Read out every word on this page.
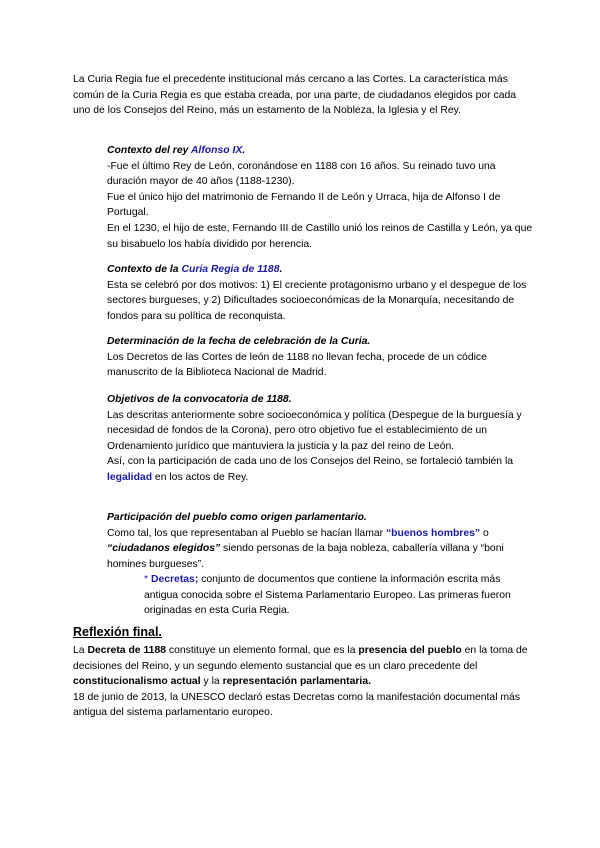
La Curia Regia fue el precedente institucional más cercano a las Cortes. La característica más común de la Curia Regia es que estaba creada, por una parte, de ciudadanos elegidos por cada uno de los Consejos del Reino, más un estamento de la Nobleza, la Iglesia y el Rey.

Contexto del rey Alfonso IX.

-Fue el último Rey de León, coronándose en 1188 con 16 años. Su reinado tuvo una duración mayor de 40 años (1188-1230).

Fue el único hijo del matrimonio de Fernando II de León y Urraca, hija de Alfonso I de Portugal.

En el 1230, el hijo de este, Fernando III de Castillo unió los reinos de Castilla y León, ya que su bisabuelo los había dividido por herencia.

Contexto de la Curia Regia de 1188.

Esta se celebró por dos motivos: 1) El creciente protagonismo urbano y el despegue de los sectores burgueses, y 2) Dificultades socioeconómicas de la Monarquía, necesitando de fondos para su política de reconquista.

Determinación de la fecha de celebración de la Curia.

Los Decretos de las Cortes de león de 1188 no llevan fecha, procede de un códice manuscrito de la Biblioteca Nacional de Madrid.

Objetivos de la convocatoria de 1188.

Las descritas anteriormente sobre socioeconómica y política (Despegue de la burguesía y necesidad de fondos de la Corona), pero otro objetivo fue el establecimiento de un Ordenamiento jurídico que mantuviera la justicia y la paz del reino de León.

Así, con la participación de cada uno de los Consejos del Reino, se fortaleció también la legalidad en los actos de Rey.

Participación del pueblo como origen parlamentario.

Como tal, los que representaban al Pueblo se hacían llamar “buenos hombres” o “ciudadanos elegidos” siendo personas de la baja nobleza, caballería villana y “boni homines burgueses”.

* Decretas; conjunto de documentos que contiene la información escrita más antigua conocida sobre el Sistema Parlamentario Europeo. Las primeras fueron originadas en esta Curia Regia.

Reflexión final.

La Decreta de 1188 constituye un elemento formal, que es la presencia del pueblo en la toma de decisiones del Reino, y un segundo elemento sustancial que es un claro precedente del constitucionalismo actual y la representación parlamentaria.

18 de junio de 2013, la UNESCO declaró estas Decretas como la manifestación documental más antigua del sistema parlamentario europeo.
